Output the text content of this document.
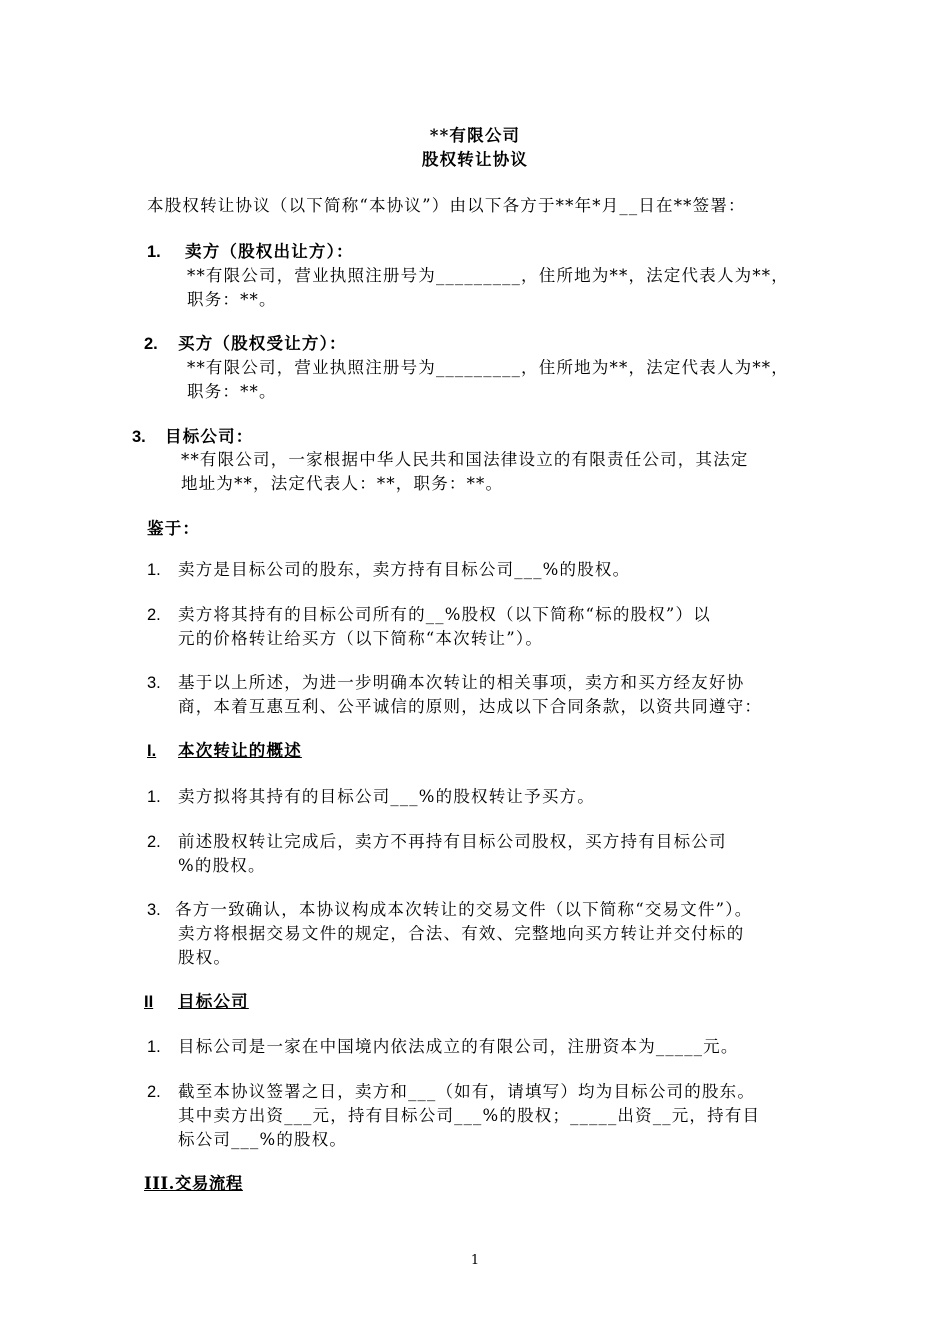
**有限公司
股权转让协议
本股权转让协议（以下简称“本协议”）由以下各方于**年*月__日在**签署：
1. 卖方（股权出让方）：
**有限公司，营业执照注册号为_________，住所地为**，法定代表人为**，
职务：**。
2. 买方（股权受让方）：
**有限公司，营业执照注册号为_________，住所地为**，法定代表人为**，
职务：**。
3. 目标公司：
**有限公司，一家根据中华人民共和国法律设立的有限责任公司，其法定
地址为**，法定代表人：**，职务：**。
鉴于：
1. 卖方是目标公司的股东，卖方持有目标公司___%的股权。
2. 卖方将其持有的目标公司所有的__%股权（以下简称“标的股权”）以
元的价格转让给买方（以下简称“本次转让”）。
3. 基于以上所述，为进一步明确本次转让的相关事项，卖方和买方经友好协
商，本着互惠互利、公平诚信的原则，达成以下合同条款，以资共同遵守：
I. 本次转让的概述
1. 卖方拟将其持有的目标公司___%的股权转让予买方。
2. 前述股权转让完成后，卖方不再持有目标公司股权，买方持有目标公司
%的股权。
3. 各方一致确认，本协议构成本次转让的交易文件（以下简称“交易文件”）。
卖方将根据交易文件的规定，合法、有效、完整地向买方转让并交付标的
股权。
II 目标公司
1. 目标公司是一家在中国境内依法成立的有限公司，注册资本为_____元。
2. 截至本协议签署之日，卖方和___（如有，请填写）均为目标公司的股东。
其中卖方出资___元，持有目标公司___%的股权；_____出资__元，持有目
标公司___%的股权。
III.交易流程
1
